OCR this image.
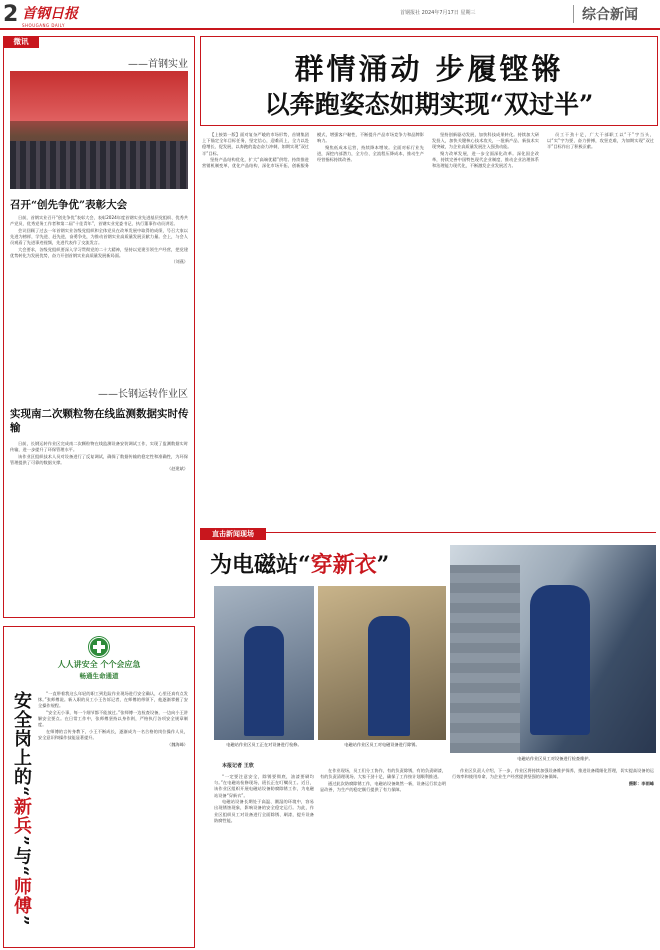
2 首钢日报
SHOUGANG DAILY
首钢报社 2024年7月17日 星期三	综合新闻
微讯
——首钢实业
召开“创先争优”表彰大会

日前，首钢实业召开“创先争优”表彰大会，表彰2024年度首钢实业先进基层党组织、优秀共产党员、优秀党务工作者和第二届“十佳青年”，首钢实业党委书记、执行董事作动员讲话。

会议回顾了过去一年首钢实业各级党组织和全体党员在改革发展中取得的成绩，号召大家以先进为榜样，学先进、赶先进，奋勇争先，为推动首钢实业高质量发展贡献力量。会上，与会人员观看了先进事迹视频，先进代表作了交流发言。

大会要求，各级党组织要深入学习贯彻党的二十大精神，坚持以党建引领生产经营，把党建优势转化为发展优势，奋力开创首钢实业高质量发展新局面。

（刘燕）

——长钢运转作业区
实现南二次颗粒物在线监测数据实时传输

日前，长钢运转作业区完成南二次颗粒物在线监测设备安装调试工作，实现了监测数据实时传输，进一步提升了环保管理水平。

该作业区组织技术人员对设备进行了反复调试，确保了数据传输的稳定性和准确性，为环保管理提供了可靠的数据支撑。

（赵建斌）

人人讲安全 个个会应急
畅通生命通道
安全岗上的“新兵”与“师傅”

“一直带着我这么年轻的职工到危险作业现场进行安全确认，心里还真有点发怵。”张师傅说。新入职的员工小王告诉记者，在师傅的带领下，他逐渐掌握了安全操作规程。

“安全无小事，每一个细节都不能放过。”张师傅一边检查设备，一边向小王讲解安全要点。在日常工作中，张师傅坚持以身作则，严格执行各项安全规章制度。

在师傅的言传身教下，小王不断成长，逐渐成为一名合格的岗位操作人员，安全意识和操作技能显著提升。

（魏海峰）

群情涌动 步履铿锵
以奔跑姿态如期实现“双过半”

【上接第一版】面对复杂严峻的市场形势，首钢集团上下锚定全年目标任务，坚定信心，迎难而上，全力以赴稳增长、促发展，以奔跑的姿态奋力冲刺，如期实现“双过半”目标。

坚持产品结构优化，扩大“高端优精”供给。持续推进营销机制变革，优化产品结构，深化市场开拓，创新服务模式，增强客户黏性，不断提升产品市场竞争力和品牌影响力。

聚焦低成本运营，持续降本增效。全面对标行业先进，深挖内部潜力，全方位、全流程压降成本，推动生产经营指标持续改善。

坚持创新驱动发展，加快科技成果转化。持续加大研发投入，加快关键核心技术攻关，一批新产品、新技术实现突破，为企业高质量发展注入强劲动能。

聚力改革发展，进一步全面深化改革。深化国企改革，持续完善中国特色现代企业制度，推动企业治理体系和治理能力现代化，不断激发企业发展活力。

员工干劲十足，广大干部职工以“干”字当头，以“实”字为要，奋力拼搏，攻坚克难，为如期实现“双过半”目标作出了积极贡献。

直击新闻现场
为电磁站“穿新衣”
电磁站作业区员工对设备进行检查维护。
电磁站作业区员工正在对设备进行检修。	电磁站作业区员工对电磁设备进行除锈。
本报记者 王欣

“一定要注意安全，除锈要彻底，油漆要刷均匀。”在电磁站检修现场，班长正在叮嘱员工。近日，该作业区组织开展电磁站设备防腐除锈工作，为电磁站设备“穿新衣”。

电磁站设备长期处于高温、潮湿的环境中，容易出现锈蚀现象，影响设备的安全稳定运行。为此，作业区组织员工对设备进行全面除锈、刷漆，提升设备防腐性能。

在作业现场，员工们分工协作，有的负责除锈，有的负责刷漆，有的负责清理现场，大家干劲十足，确保了工作按计划顺利推进。

通过此次防腐除锈工作，电磁站设备焕然一新，设备运行状态明显改善，为生产的稳定顺行提供了有力保障。

作业区负责人介绍，下一步，作业区将持续加强设备维护保养，推进设备精细化管理，切实提高设备的运行效率和使用寿命，为企业生产经营提供坚强的设备保障。

摄影：李雨峰
